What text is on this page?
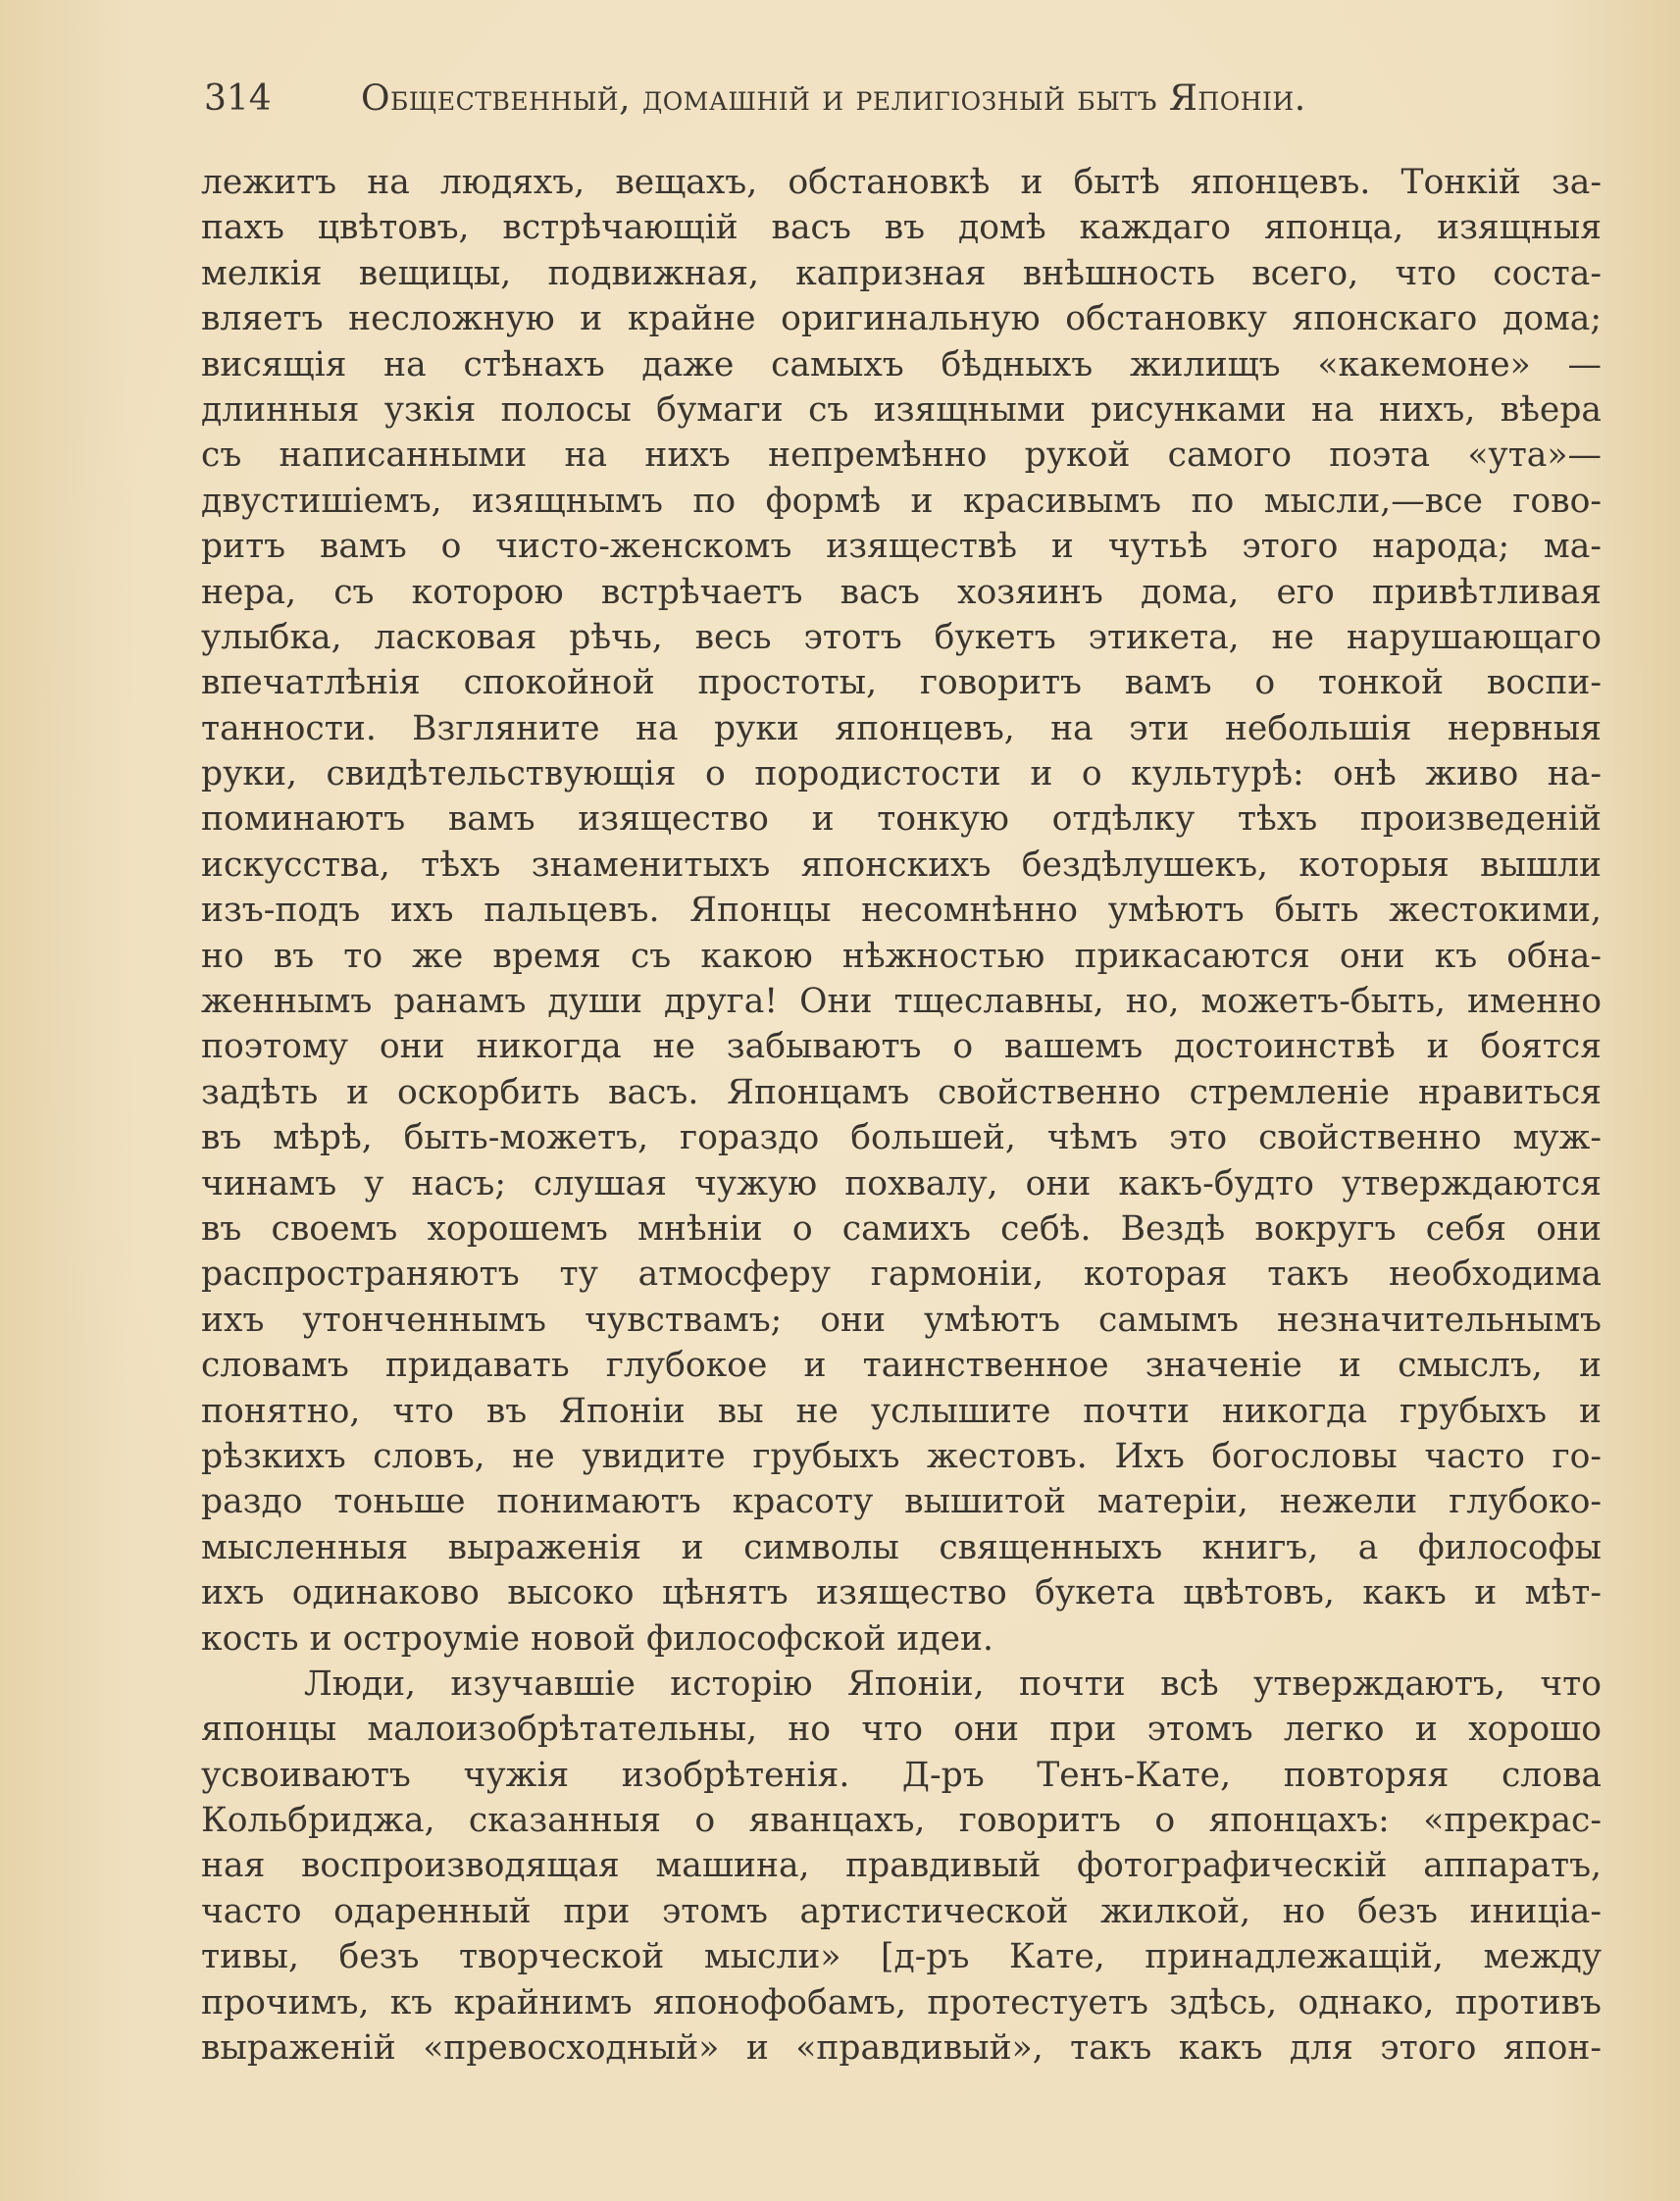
314	Общественный, домашній и религіозный бытъ Японіи.
лежитъ на людяхъ, вещахъ, обстановкѣ и бытѣ японцевъ. Тонкій за-
пахъ цвѣтовъ, встрѣчающій васъ въ домѣ каждаго японца, изящныя
мелкія вещицы, подвижная, капризная внѣшность всего, что соста-
вляетъ несложную и крайне оригинальную обстановку японскаго дома;
висящія на стѣнахъ даже самыхъ бѣдныхъ жилищъ «какемоне» —
длинныя узкія полосы бумаги съ изящными рисунками на нихъ, вѣера
съ написанными на нихъ непремѣнно рукой самого поэта «ута»—
двустишіемъ, изящнымъ по формѣ и красивымъ по мысли,—все гово-
ритъ вамъ о чисто-женскомъ изяществѣ и чутьѣ этого народа; ма-
нера, съ которою встрѣчаетъ васъ хозяинъ дома, его привѣтливая
улыбка, ласковая рѣчь, весь этотъ букетъ этикета, не нарушающаго
впечатлѣнія спокойной простоты, говоритъ вамъ о тонкой воспи-
танности. Взгляните на руки японцевъ, на эти небольшія нервныя
руки, свидѣтельствующія о породистости и о культурѣ: онѣ живо на-
поминаютъ вамъ изящество и тонкую отдѣлку тѣхъ произведеній
искусства, тѣхъ знаменитыхъ японскихъ бездѣлушекъ, которыя вышли
изъ-подъ ихъ пальцевъ. Японцы несомнѣнно умѣютъ быть жестокими,
но въ то же время съ какою нѣжностью прикасаются они къ обна-
женнымъ ранамъ души друга! Они тщеславны, но, можетъ-быть, именно
поэтому они никогда не забываютъ о вашемъ достоинствѣ и боятся
задѣть и оскорбить васъ. Японцамъ свойственно стремленіе нравиться
въ мѣрѣ, быть-можетъ, гораздо большей, чѣмъ это свойственно муж-
чинамъ у насъ; слушая чужую похвалу, они какъ-будто утверждаются
въ своемъ хорошемъ мнѣніи о самихъ себѣ. Вездѣ вокругъ себя они
распространяютъ ту атмосферу гармоніи, которая такъ необходима
ихъ утонченнымъ чувствамъ; они умѣютъ самымъ незначительнымъ
словамъ придавать глубокое и таинственное значеніе и смыслъ, и
понятно, что въ Японіи вы не услышите почти никогда грубыхъ и
рѣзкихъ словъ, не увидите грубыхъ жестовъ. Ихъ богословы часто го-
раздо тоньше понимаютъ красоту вышитой матеріи, нежели глубоко-
мысленныя выраженія и символы священныхъ книгъ, а философы
ихъ одинаково высоко цѣнятъ изящество букета цвѣтовъ, какъ и мѣт-
кость и остроуміе новой философской идеи.
Люди, изучавшіе исторію Японіи, почти всѣ утверждаютъ, что
японцы малоизобрѣтательны, но что они при этомъ легко и хорошо
усвоиваютъ чужія изобрѣтенія. Д-ръ Тенъ-Кате, повторяя слова
Кольбриджа, сказанныя о яванцахъ, говоритъ о японцахъ: «прекрас-
ная воспроизводящая машина, правдивый фотографическій аппаратъ,
часто одаренный при этомъ артистической жилкой, но безъ иниціа-
тивы, безъ творческой мысли» [д-ръ Кате, принадлежащій, между
прочимъ, къ крайнимъ японофобамъ, протестуетъ здѣсь, однако, противъ
выраженій «превосходный» и «правдивый», такъ какъ для этого япон-
